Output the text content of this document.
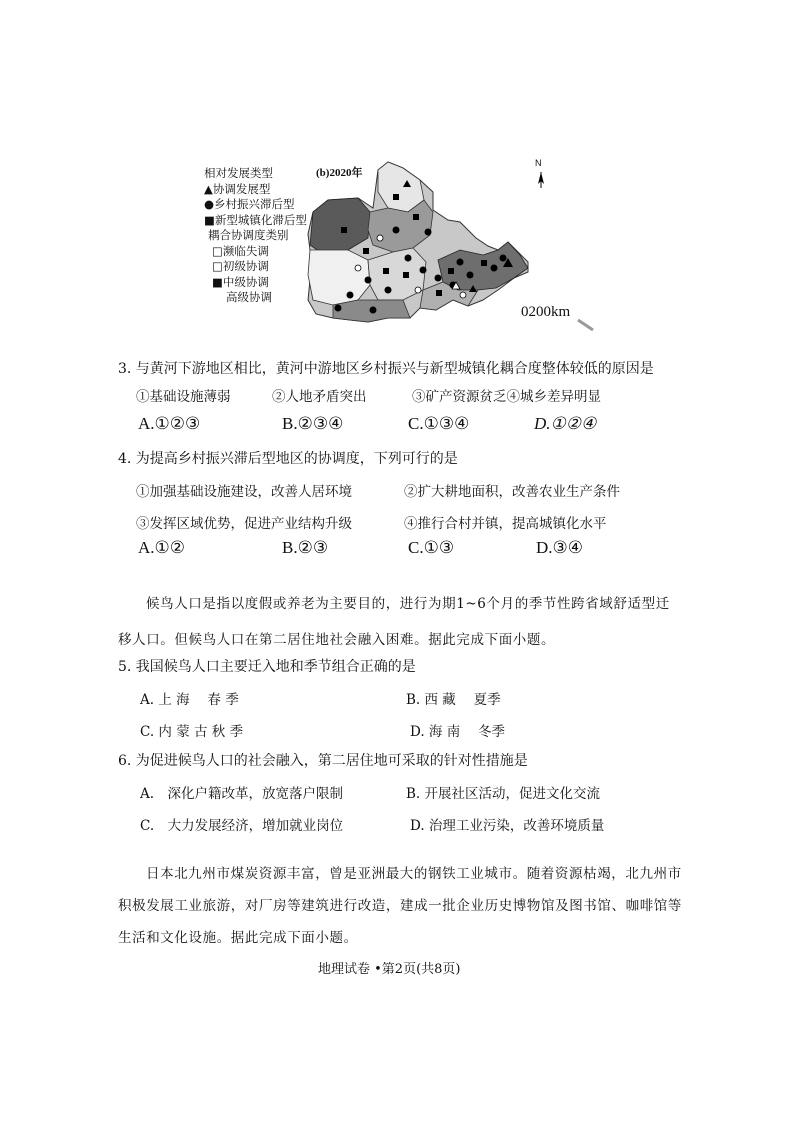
相对发展类型
▲协调发展型
●乡村振兴滞后型
■新型城镇化滞后型
耦合协调度类别
□濒临失调
□初级协调
■中级协调
高级协调
(b)2020年
N
0200km
3. 与黄河下游地区相比，黄河中游地区乡村振兴与新型城镇化耦合度整体较低的原因是
①基础设施薄弱	②人地矛盾突出	③矿产资源贫乏④城乡差异明显
A.①②③	B.②③④	C.①③④	D.①②④
4. 为提高乡村振兴滞后型地区的协调度，下列可行的是
①加强基础设施建设，改善人居环境	②扩大耕地面积，改善农业生产条件
③发挥区域优势，促进产业结构升级	④推行合村并镇，提高城镇化水平
A.①②	B.②③	C.①③	D.③④
候鸟人口是指以度假或养老为主要目的，进行为期1~6个月的季节性跨省域舒适型迁
移人口。但候鸟人口在第二居住地社会融入困难。据此完成下面小题。
5. 我国候鸟人口主要迁入地和季节组合正确的是
A. 上 海　 春 季	B. 西 藏　 夏季
C. 内 蒙 古 秋 季	D. 海 南　 冬季
6. 为促进候鸟人口的社会融入，第二居住地可采取的针对性措施是
A.　深化户籍改革，放宽落户限制	B. 开展社区活动，促进文化交流
C.　大力发展经济，增加就业岗位	D. 治理工业污染，改善环境质量
日本北九州市煤炭资源丰富，曾是亚洲最大的钢铁工业城市。随着资源枯竭，北九州市
积极发展工业旅游，对厂房等建筑进行改造，建成一批企业历史博物馆及图书馆、咖啡馆等
生活和文化设施。据此完成下面小题。
地理试卷 •第2页(共8页)
